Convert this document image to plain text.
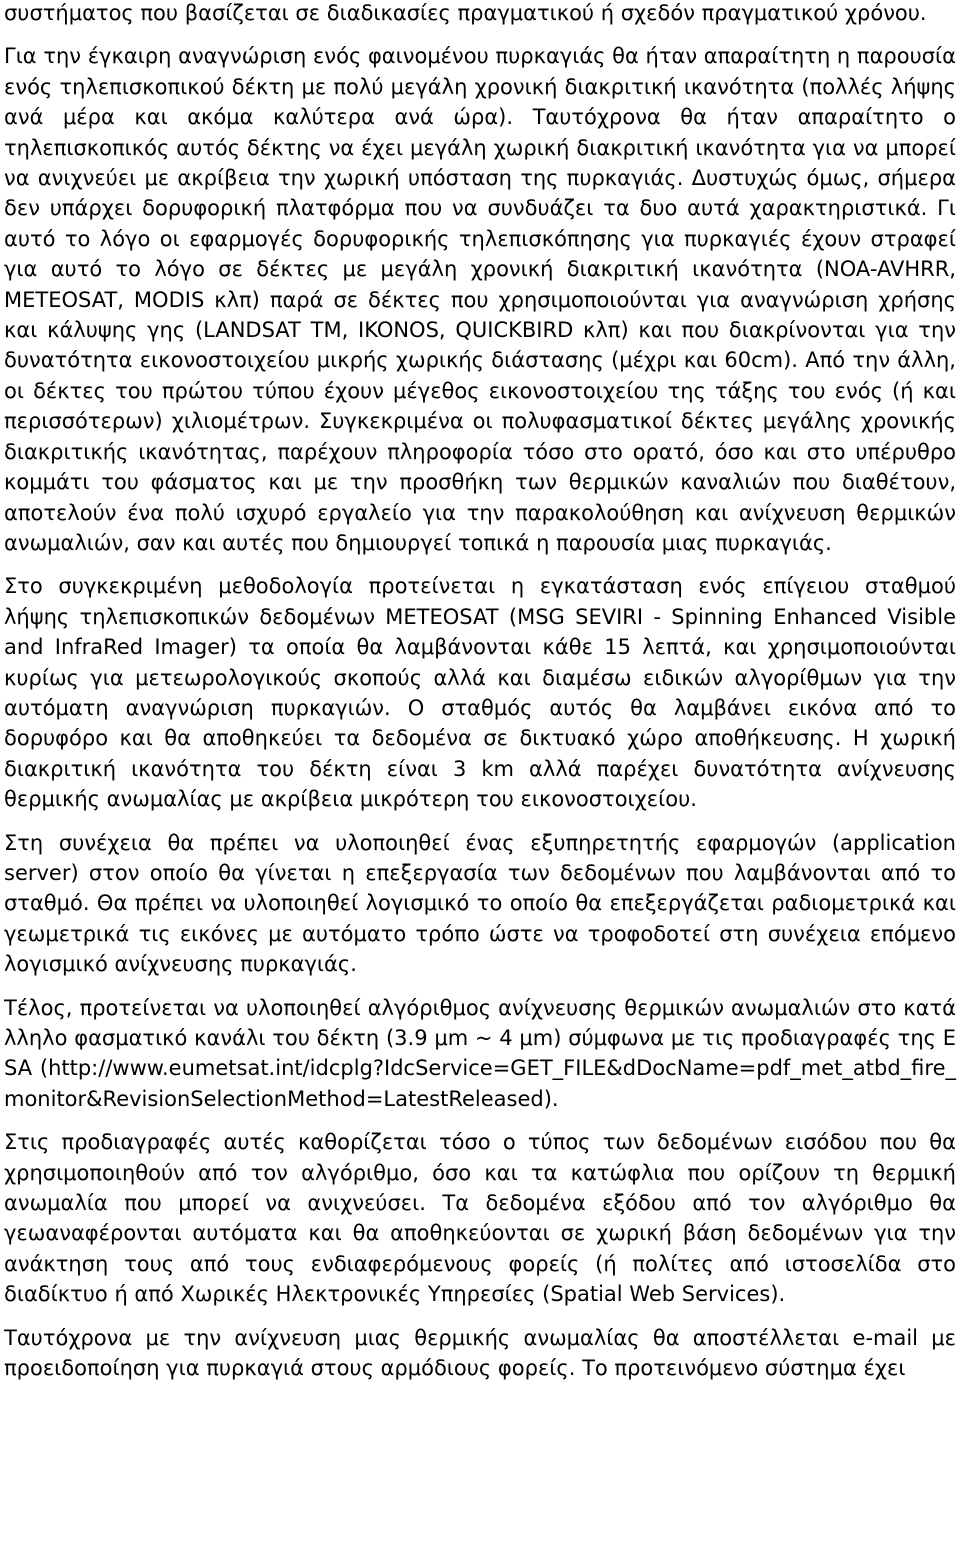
συστήματος που βασίζεται σε διαδικασίες πραγματικού ή σχεδόν πραγματικού χρόνου.

Για την έγκαιρη αναγνώριση ενός φαινομένου πυρκαγιάς θα ήταν απαραίτητη η παρουσία ενός τηλεπισκοπικού δέκτη με πολύ μεγάλη χρονική διακριτική ικανότητα (πολλές λήψης ανά μέρα και ακόμα καλύτερα ανά ώρα). Ταυτόχρονα θα ήταν απαραίτητο ο τηλεπισκοπικός αυτός δέκτης να έχει μεγάλη χωρική διακριτική ικανότητα για να μπορεί να ανιχνεύει με ακρίβεια την χωρική υπόσταση της πυρκαγιάς. Δυστυχώς όμως, σήμερα δεν υπάρχει δορυφορική πλατφόρμα που να συνδυάζει τα δυο αυτά χαρακτηριστικά. Γι αυτό το λόγο οι εφαρμογές δορυφορικής τηλεπισκόπησης για πυρκαγιές έχουν στραφεί για αυτό το λόγο σε δέκτες με μεγάλη χρονική διακριτική ικανότητα (NOA-AVHRR, METEOSAT, MODIS κλπ) παρά σε δέκτες που χρησιμοποιούνται για αναγνώριση χρήσης και κάλυψης γης (LANDSAT TM, IKONOS, QUICKBIRD κλπ) και που διακρίνονται για την δυνατότητα εικονοστοιχείου μικρής χωρικής διάστασης (μέχρι και 60cm). Από την άλλη, οι δέκτες του πρώτου τύπου έχουν μέγεθος εικονοστοιχείου της τάξης του ενός (ή και περισσότερων) χιλιομέτρων. Συγκεκριμένα οι πολυφασματικοί δέκτες μεγάλης χρονικής διακριτικής ικανότητας, παρέχουν πληροφορία τόσο στο ορατό, όσο και στο υπέρυθρο κομμάτι του φάσματος και με την προσθήκη των θερμικών καναλιών που διαθέτουν, αποτελούν ένα πολύ ισχυρό εργαλείο για την παρακολούθηση και ανίχνευση θερμικών ανωμαλιών, σαν και αυτές που δημιουργεί τοπικά η παρουσία μιας πυρκαγιάς.

Στο συγκεκριμένη μεθοδολογία προτείνεται η εγκατάσταση ενός επίγειου σταθμού λήψης τηλεπισκοπικών δεδομένων METEOSAT (MSG SEVIRI - Spinning Enhanced Visible and InfraRed Imager) τα οποία θα λαμβάνονται κάθε 15 λεπτά, και χρησιμοποιούνται κυρίως για μετεωρολογικούς σκοπούς αλλά και διαμέσω ειδικών αλγορίθμων για την αυτόματη αναγνώριση πυρκαγιών. Ο σταθμός αυτός θα λαμβάνει εικόνα από το δορυφόρο και θα αποθηκεύει τα δεδομένα σε δικτυακό χώρο αποθήκευσης. Η χωρική διακριτική ικανότητα του δέκτη είναι 3 km αλλά παρέχει δυνατότητα ανίχνευσης θερμικής ανωμαλίας με ακρίβεια μικρότερη του εικονοστοιχείου.

Στη συνέχεια θα πρέπει να υλοποιηθεί ένας εξυπηρετητής εφαρμογών (application server) στον οποίο θα γίνεται η επεξεργασία των δεδομένων που λαμβάνονται από το σταθμό. Θα πρέπει να υλοποιηθεί λογισμικό το οποίο θα επεξεργάζεται ραδιομετρικά και γεωμετρικά τις εικόνες με αυτόματο τρόπο ώστε να τροφοδοτεί στη συνέχεια επόμενο λογισμικό ανίχνευσης πυρκαγιάς.

Τέλος, προτείνεται να υλοποιηθεί αλγόριθμος ανίχνευσης θερμικών ανωμαλιών στο κατάλληλο φασματικό κανάλι του δέκτη (3.9 μm ~ 4 μm) σύμφωνα με τις προδιαγραφές της ESA (http://www.eumetsat.int/idcplg?IdcService=GET_FILE&dDocName=pdf_met_atbd_fire_monitor&RevisionSelectionMethod=LatestReleased).

Στις προδιαγραφές αυτές καθορίζεται τόσο ο τύπος των δεδομένων εισόδου που θα χρησιμοποιηθούν από τον αλγόριθμο, όσο και τα κατώφλια που ορίζουν τη θερμική ανωμαλία που μπορεί να ανιχνεύσει. Τα δεδομένα εξόδου από τον αλγόριθμο θα γεωαναφέρονται αυτόματα και θα αποθηκεύονται σε χωρική βάση δεδομένων για την ανάκτηση τους από τους ενδιαφερόμενους φορείς (ή πολίτες από ιστοσελίδα στο διαδίκτυο ή από Χωρικές Ηλεκτρονικές Υπηρεσίες (Spatial Web Services).

Ταυτόχρονα με την ανίχνευση μιας θερμικής ανωμαλίας θα αποστέλλεται e-mail με προειδοποίηση για πυρκαγιά στους αρμόδιους φορείς. Το προτεινόμενο σύστημα έχει
